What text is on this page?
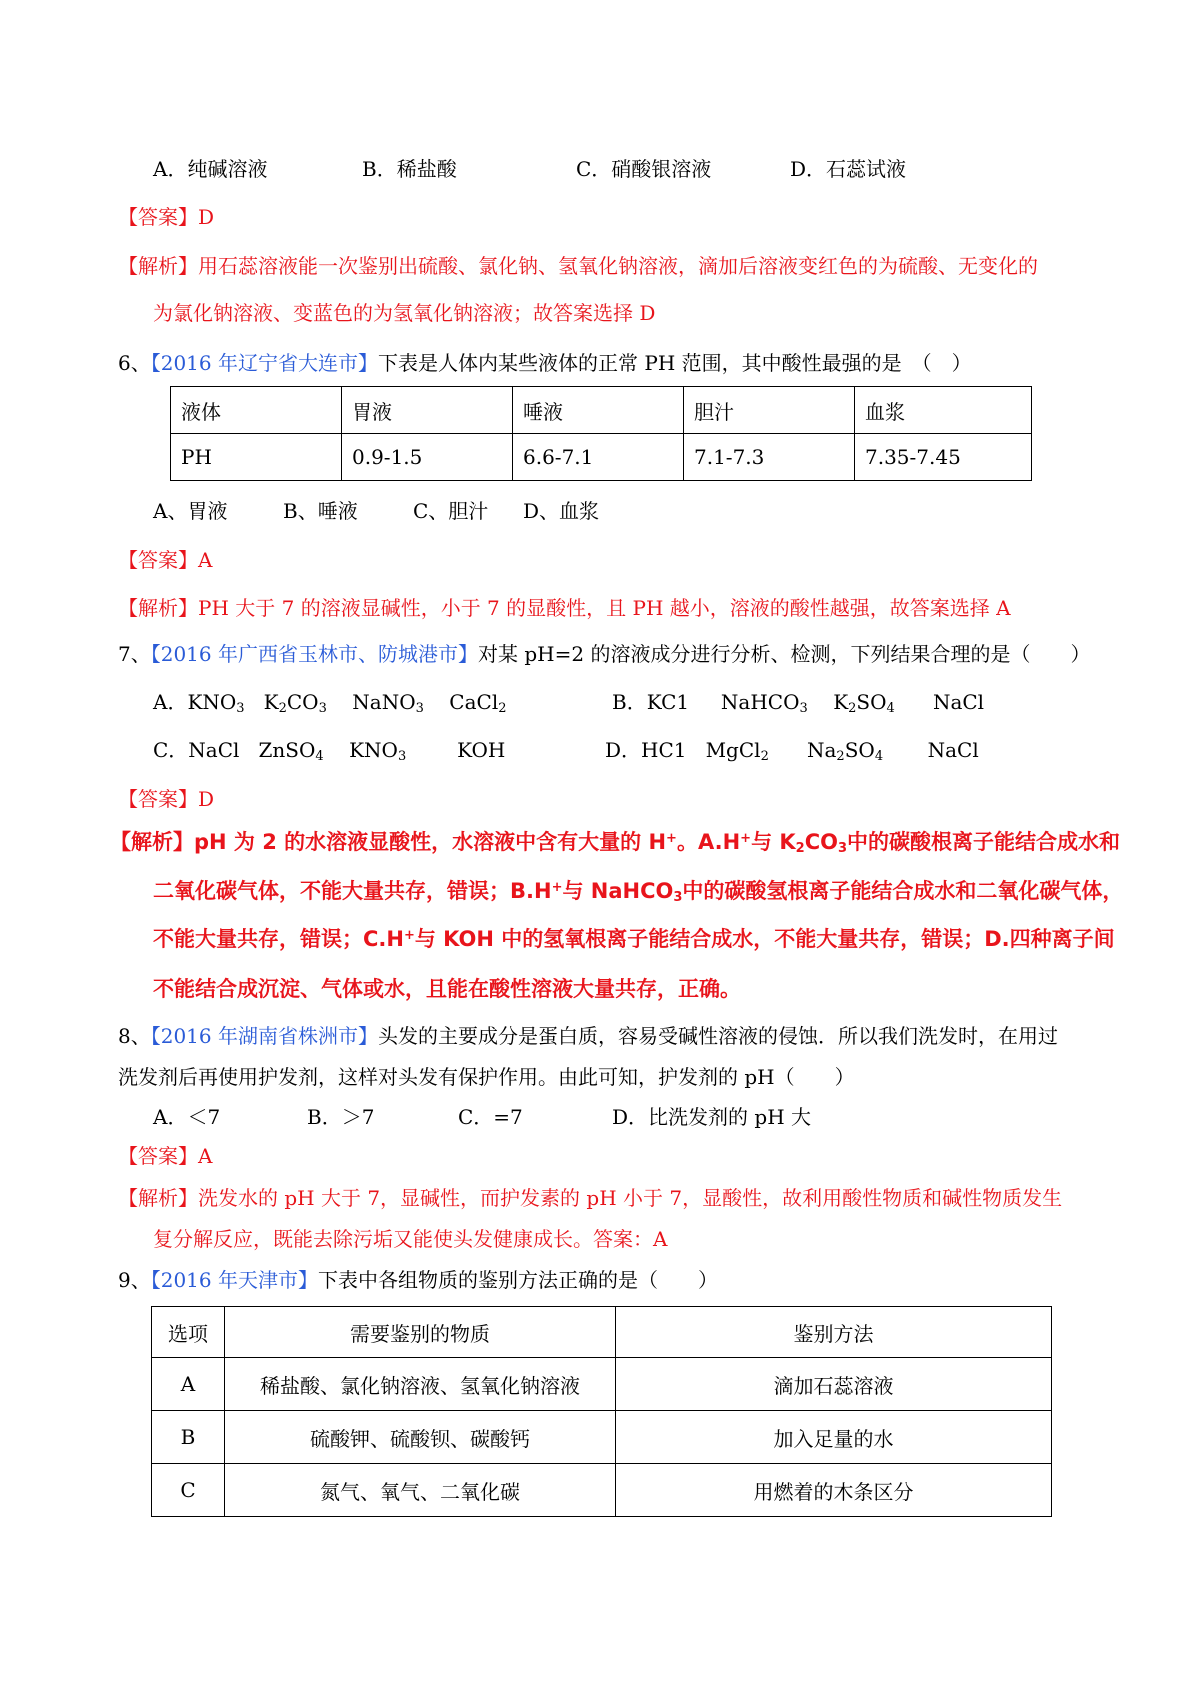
A．纯碱溶液	B．稀盐酸	C．硝酸银溶液	D．石蕊试液
【答案】D
【解析】用石蕊溶液能一次鉴别出硫酸、氯化钠、氢氧化钠溶液，滴加后溶液变红色的为硫酸、无变化的
为氯化钠溶液、变蓝色的为氢氧化钠溶液；故答案选择 D
6、【2016 年辽宁省大连市】下表是人体内某些液体的正常 PH 范围，其中酸性最强的是　（　）
液体	胃液	唾液	胆汁	血浆
PH	0.9-1.5	6.6-7.1	7.1-7.3	7.35-7.45
A、胃液	B、唾液	C、胆汁 D、血浆
【答案】A
【解析】PH 大于 7 的溶液显碱性，小于 7 的显酸性，且 PH 越小，溶液的酸性越强，故答案选择 A
7、【2016 年广西省玉林市、防城港市】对某 pH=2 的溶液成分进行分析、检测，下列结果合理的是（　　）
A．$KNO_3$   $K_2CO_3$    NaNO$_3$    CaCl$_2$	B．KC1     NaHCO$_3$    $K_2SO_4$      NaCl
C．NaCl   ZnSO$_4$    $KNO_3$        KOH	D．HC1   MgCl$_2$      $Na_2SO_4$       NaCl
【答案】D
【解析】pH 为 2 的水溶液显酸性，水溶液中含有大量的 H+。A.H+与 $K_2CO_3$中的碳酸根离子能结合成水和
二氧化碳气体，不能大量共存，错误；B.H+与 NaHCO$_3$中的碳酸氢根离子能结合成水和二氧化碳气体，
不能大量共存，错误；C.H+与 KOH 中的氢氧根离子能结合成水，不能大量共存，错误；D.四种离子间
不能结合成沉淀、气体或水，且能在酸性溶液大量共存，正确。
8、【2016 年湖南省株洲市】头发的主要成分是蛋白质，容易受碱性溶液的侵蚀．所以我们洗发时，在用过
洗发剂后再使用护发剂，这样对头发有保护作用。由此可知，护发剂的 pH（　　）
A．＜7	B．＞7	C．=7	D．比洗发剂的 pH 大
【答案】A
【解析】洗发水的 pH 大于 7，显碱性，而护发素的 pH 小于 7，显酸性，故利用酸性物质和碱性物质发生
复分解反应，既能去除污垢又能使头发健康成长。答案：A
9、【2016 年天津市】下表中各组物质的鉴别方法正确的是（　　）
选项	需要鉴别的物质	鉴别方法
A	稀盐酸、氯化钠溶液、氢氧化钠溶液	滴加石蕊溶液
B	硫酸钾、硫酸钡、碳酸钙	加入足量的水
C	氮气、氧气、二氧化碳	用燃着的木条区分
